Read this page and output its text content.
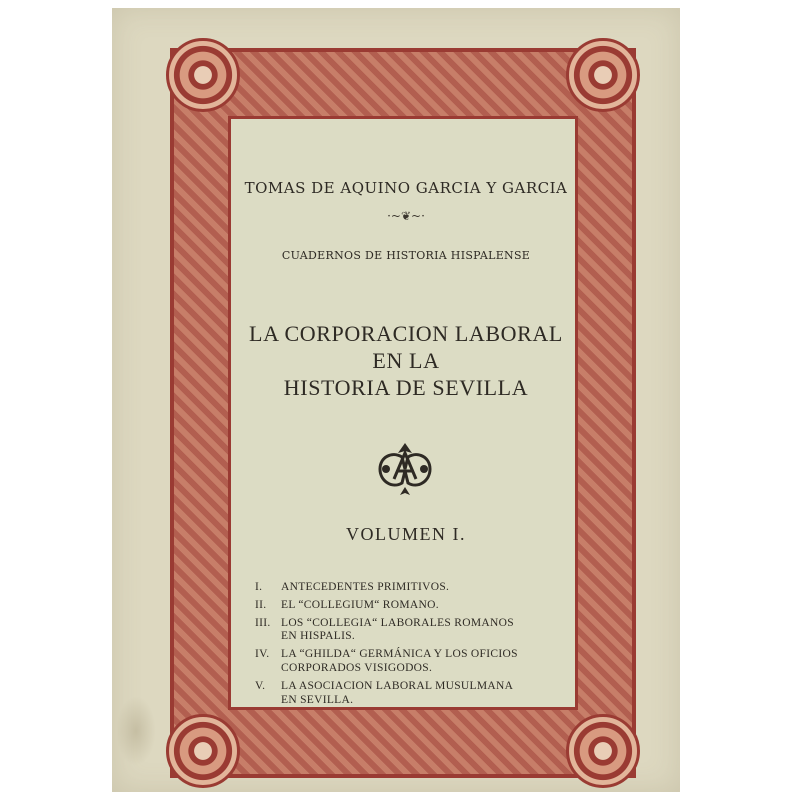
TOMAS DE AQUINO GARCIA Y GARCIA
·~❦~·
CUADERNOS DE HISTORIA HISPALENSE
LA CORPORACION LABORAL
EN LA
HISTORIA DE SEVILLA
VOLUMEN I.
I.	ANTECEDENTES PRIMITIVOS.
II.	EL “COLLEGIUM“ ROMANO.
III. LOS “COLLEGIA“ LABORALES ROMANOS
EN HISPALIS.
IV.	LA “GHILDA“ GERMÁNICA Y LOS OFICIOS
CORPORADOS VISIGODOS.
V.	LA ASOCIACION LABORAL MUSULMANA
EN SEVILLA.
